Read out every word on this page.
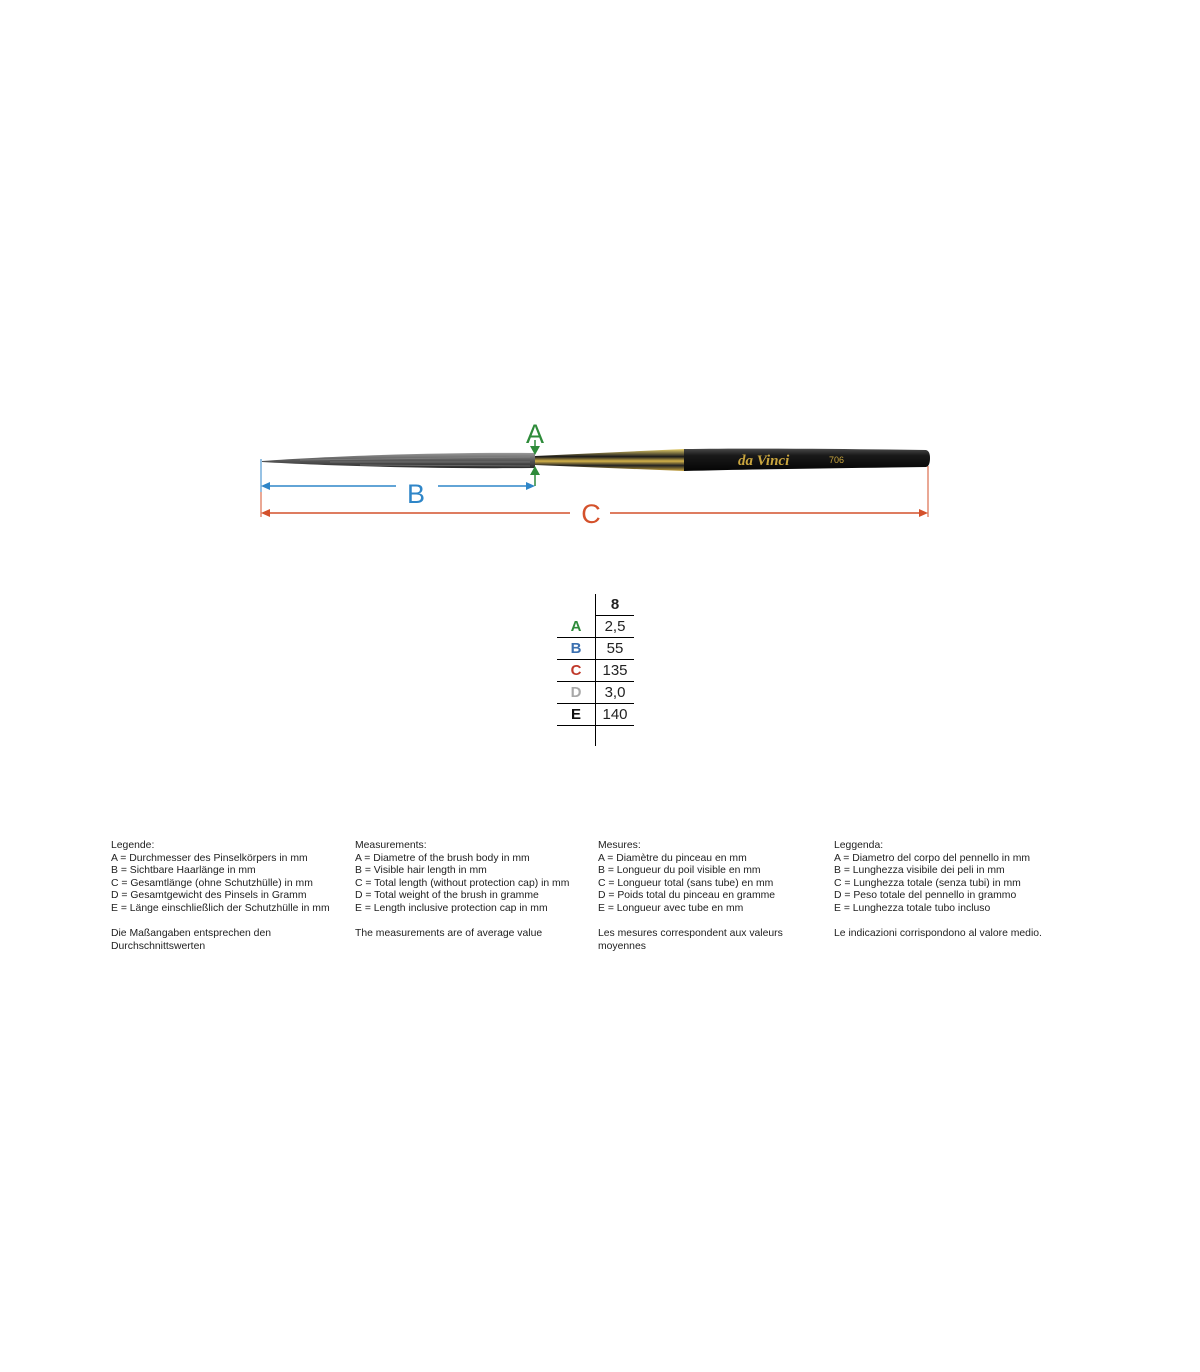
da Vinci	706
A
B
C
	8
A	2,5
B	55
C	135
D	3,0
E	140

Legende:
A = Durchmesser des Pinselkörpers in mm
B = Sichtbare Haarlänge in mm
C = Gesamtlänge (ohne Schutzhülle) in mm
D = Gesamtgewicht des Pinsels in Gramm
E = Länge einschließlich der Schutzhülle in mm
Die Maßangaben entsprechen den Durchschnittswerten
Measurements:
A = Diametre of the brush body in mm
B = Visible hair length in mm
C = Total length (without protection cap) in mm
D = Total weight of the brush in gramme
E = Length inclusive protection cap in mm
The measurements are of average value
Mesures:
A = Diamètre du pinceau en mm
B = Longueur du poil visible en mm
C = Longueur total (sans tube) en mm
D = Poids total du pinceau en gramme
E = Longueur avec tube en mm
Les mesures correspondent aux valeurs moyennes
Leggenda:
A = Diametro del corpo del pennello in mm
B = Lunghezza visibile dei peli in mm
C = Lunghezza totale (senza tubi) in mm
D = Peso totale del pennello in grammo
E = Lunghezza totale tubo incluso
Le indicazioni corrispondono al valore medio.
